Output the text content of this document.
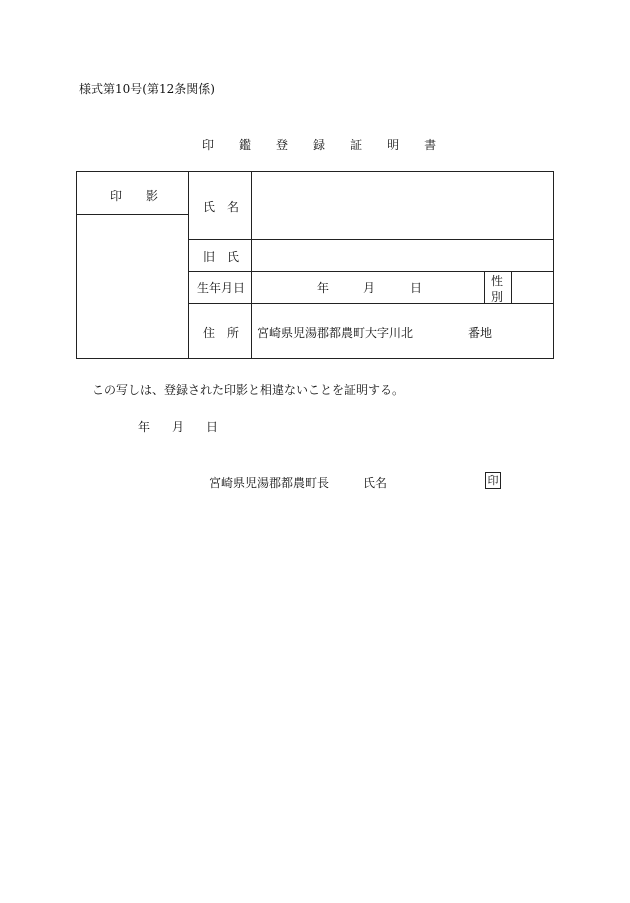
様式第10号(第12条関係)
印 鑑 登 録 証 明 書
印　　影
氏　名
旧　氏
生年月日	年	月	日	性
別
住　所 宮崎県児湯郡都農町大字川北	番地
この写しは、登録された印影と相違ないことを証明する。
年 月 日
宮崎県児湯郡都農町長	氏名	印
